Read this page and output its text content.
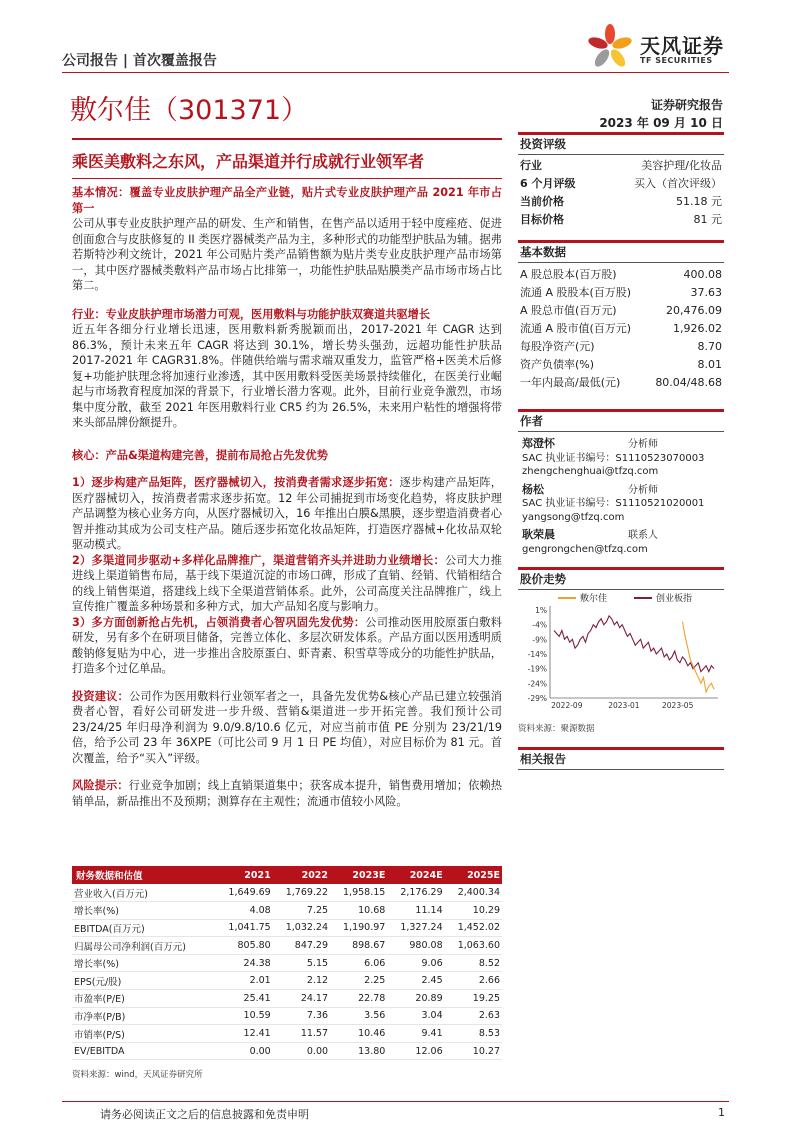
公司报告 | 首次覆盖报告
天风证券
TF SECURITIES
敷尔佳（301371）	证券研究报告
2023 年 09 月 10 日
乘医美敷料之东风，产品渠道并行成就行业领军者
基本情况：覆盖专业皮肤护理产品全产业链，贴片式专业皮肤护理产品 2021 年市占第一
公司从事专业皮肤护理产品的研发、生产和销售，在售产品以适用于轻中度痤疮、促进创面愈合与皮肤修复的 II 类医疗器械类产品为主，多种形式的功能型护肤品为辅。据弗若斯特沙利文统计，2021 年公司贴片类产品销售额为贴片类专业皮肤护理产品市场第一，其中医疗器械类敷料产品市场占比排第一，功能性护肤品贴膜类产品市场市场占比第二。
行业：专业皮肤护理市场潜力可观，医用敷料与功能护肤双赛道共驱增长
近五年各细分行业增长迅速，医用敷料新秀脱颖而出，2017-2021 年 CAGR 达到 86.3%，预计未来五年 CAGR 将达到 30.1%，增长势头强劲，远超功能性护肤品 2017-2021 年 CAGR31.8%。伴随供给端与需求端双重发力，监管严格+医美术后修复+功能护肤理念将加速行业渗透，其中医用敷料受医美场景持续催化，在医美行业崛起与市场教育程度加深的背景下，行业增长潜力客观。此外，目前行业竞争激烈，市场集中度分散，截至 2021 年医用敷料行业 CR5 约为 26.5%，未来用户粘性的增强将带来头部品牌份额提升。
核心：产品&渠道构建完善，提前布局抢占先发优势
1）逐步构建产品矩阵，医疗器械切入，按消费者需求逐步拓宽：逐步构建产品矩阵，医疗器械切入，按消费者需求逐步拓宽。12 年公司捕捉到市场变化趋势，将皮肤护理产品调整为核心业务方向，从医疗器械切入，16 年推出白膜&黑膜，逐步塑造消费者心智并推动其成为公司支柱产品。随后逐步拓宽化妆品矩阵，打造医疗器械+化妆品双轮驱动模式。
2）多渠道同步驱动+多样化品牌推广，渠道营销齐头并进助力业绩增长：公司大力推进线上渠道销售布局，基于线下渠道沉淀的市场口碑，形成了直销、经销、代销相结合的线上销售渠道，搭建线上线下全渠道营销体系。此外，公司高度关注品牌推广，线上宣传推广覆盖多种场景和多种方式，加大产品知名度与影响力。
3）多方面创新抢占先机，占领消费者心智巩固先发优势：公司推动医用胶原蛋白敷料研发，另有多个在研项目储备，完善立体化、多层次研发体系。产品方面以医用透明质酸钠修复贴为中心，进一步推出含胶原蛋白、虾青素、积雪草等成分的功能性护肤品，打造多个过亿单品。
投资建议：公司作为医用敷料行业领军者之一，具备先发优势&核心产品已建立较强消费者心智，看好公司研发进一步升级、营销&渠道进一步开拓完善。我们预计公司 23/24/25 年归母净利润为 9.0/9.8/10.6 亿元，对应当前市值 PE 分别为 23/21/19 倍，给予公司 23 年 36XPE（可比公司 9 月 1 日 PE 均值），对应目标价为 81 元。首次覆盖，给予“买入”评级。
风险提示：行业竞争加剧；线上直销渠道集中；获客成本提升，销售费用增加；依赖热销单品，新品推出不及预期；测算存在主观性；流通市值较小风险。
财务数据和估值	2021	2022	2023E	2024E	2025E
营业收入(百万元)	1,649.69	1,769.22	1,958.15	2,176.29	2,400.34
增长率(%)	4.08	7.25	10.68	11.14	10.29
EBITDA(百万元)	1,041.75	1,032.24	1,190.97	1,327.24	1,452.02
归属母公司净利润(百万元)	805.80	847.29	898.67	980.08	1,063.60
增长率(%)	24.38	5.15	6.06	9.06	8.52
EPS(元/股)	2.01	2.12	2.25	2.45	2.66
市盈率(P/E)	25.41	24.17	22.78	20.89	19.25
市净率(P/B)	10.59	7.36	3.56	3.04	2.63
市销率(P/S)	12.41	11.57	10.46	9.41	8.53
EV/EBITDA	0.00	0.00	13.80	12.06	10.27
资料来源：wind，天风证券研究所
投资评级
行业	美容护理/化妆品
6 个月评级	买入（首次评级）
当前价格	51.18 元
目标价格	81 元
基本数据
A 股总股本(百万股)	400.08
流通 A 股股本(百万股)	37.63
A 股总市值(百万元)	20,476.09
流通 A 股市值(百万元)	1,926.02
每股净资产(元)	8.70
资产负债率(%)	8.01
一年内最高/最低(元)	80.04/48.68
作者
郑澄怀	分析师
SAC 执业证书编号：S1110523070003
zhengchenghuai@tfzq.com
杨松	分析师
SAC 执业证书编号：S1110521020001
yangsong@tfzq.com
耿荣晨	联系人
gengrongchen@tfzq.com
股价走势
敷尔佳	创业板指
1%
-4%
-9%
-14%
-19%
-24%
-29%
2022-09	2023-01	2023-05
资料来源：聚源数据
相关报告
请务必阅读正文之后的信息披露和免责申明	1
